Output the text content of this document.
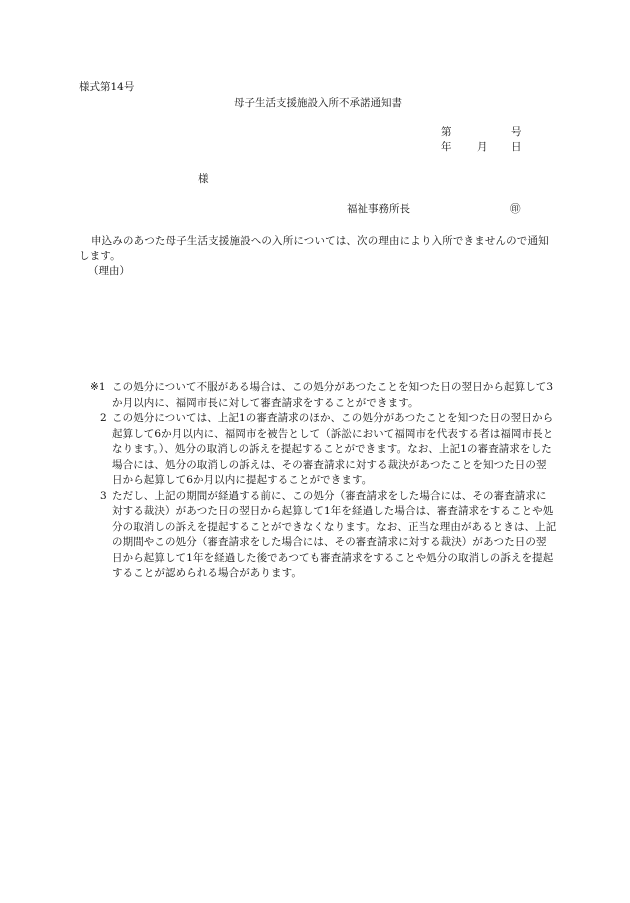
様式第14号
母子生活支援施設入所不承諾通知書
第	号
年 月 日
様
福祉事務所長	㊞
申込みのあつた母子生活支援施設への入所については、次の理由により入所できませんので通知します。
（理由）
※1 この処分について不服がある場合は、この処分があつたことを知つた日の翌日から起算して3か月以内に、福岡市長に対して審査請求をすることができます。
2 この処分については、上記1の審査請求のほか、この処分があつたことを知つた日の翌日から起算して6か月以内に、福岡市を被告として（訴訟において福岡市を代表する者は福岡市長となります。）、処分の取消しの訴えを提起することができます。なお、上記1の審査請求をした場合には、処分の取消しの訴えは、その審査請求に対する裁決があつたことを知つた日の翌日から起算して6か月以内に提起することができます。
3 ただし、上記の期間が経過する前に、この処分（審査請求をした場合には、その審査請求に対する裁決）があつた日の翌日から起算して1年を経過した場合は、審査請求をすることや処分の取消しの訴えを提起することができなくなります。なお、正当な理由があるときは、上記の期間やこの処分（審査請求をした場合には、その審査請求に対する裁決）があつた日の翌日から起算して1年を経過した後であつても審査請求をすることや処分の取消しの訴えを提起することが認められる場合があります。
